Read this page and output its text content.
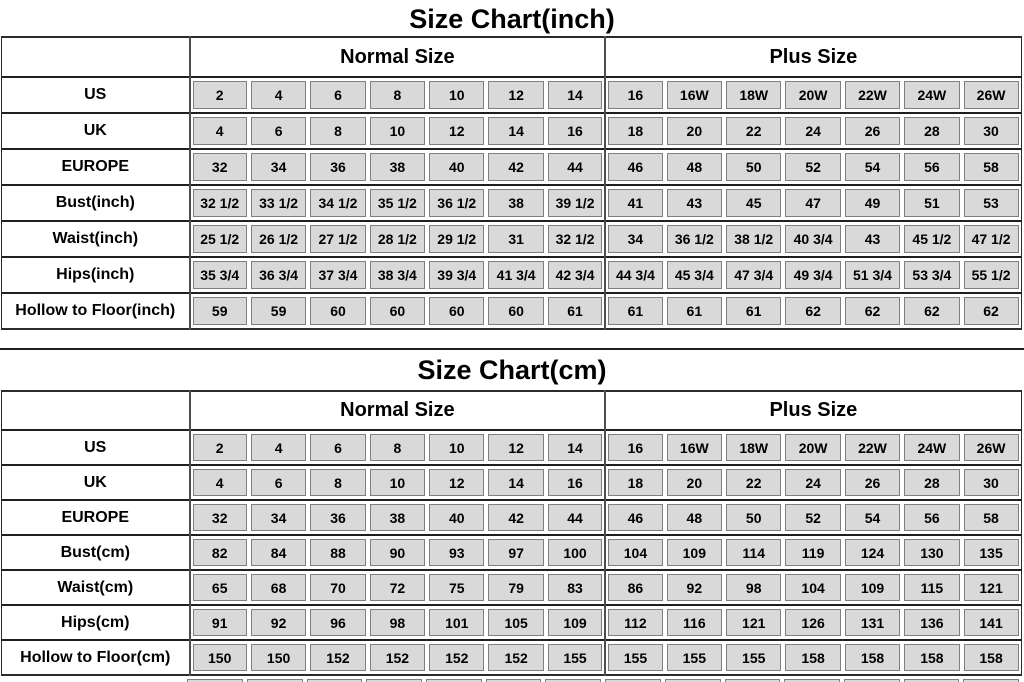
Size Chart(inch)
	Normal Size							Plus Size						
US	2	4	6	8	10	12	14	16	16W	18W	20W	22W	24W	26W

UK	4	6	8	10	12	14	16	18	20	22	24	26	28	30

EUROPE	32	34	36	38	40	42	44	46	48	50	52	54	56	58

Bust(inch)	32 1/2	33 1/2	34 1/2	35 1/2	36 1/2	38	39 1/2	41	43	45	47	49	51	53

Waist(inch)	25 1/2	26 1/2	27 1/2	28 1/2	29 1/2	31	32 1/2	34	36 1/2	38 1/2	40 3/4	43	45 1/2	47 1/2

Hips(inch)	35 3/4	36 3/4	37 3/4	38 3/4	39 3/4	41 3/4	42 3/4	44 3/4	45 3/4	47 3/4	49 3/4	51 3/4	53 3/4	55 1/2

Hollow to Floor(inch)	59	59	60	60	60	60	61	61	61	61	62	62	62	62
Size Chart(cm)
	Normal Size							Plus Size						
US	2	4	6	8	10	12	14	16	16W	18W	20W	22W	24W	26W

UK	4	6	8	10	12	14	16	18	20	22	24	26	28	30

EUROPE	32	34	36	38	40	42	44	46	48	50	52	54	56	58

Bust(cm)	82	84	88	90	93	97	100	104	109	114	119	124	130	135

Waist(cm)	65	68	70	72	75	79	83	86	92	98	104	109	115	121

Hips(cm)	91	92	96	98	101	105	109	112	116	121	126	131	136	141

Hollow to Floor(cm)	150	150	152	152	152	152	155	155	155	155	158	158	158	158
